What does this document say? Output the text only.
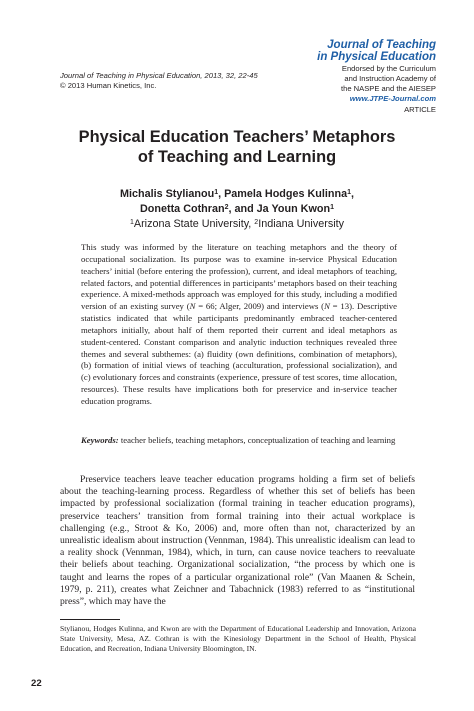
Journal of Teaching
in Physical Education
Endorsed by the Curriculum
and Instruction Academy of
the NASPE and the AIESEP
www.JTPE-Journal.com
ARTICLE
Journal of Teaching in Physical Education, 2013, 32, 22-45
© 2013 Human Kinetics, Inc.
Physical Education Teachers’ Metaphors
of Teaching and Learning
Michalis Stylianou$^1$, Pamela Hodges Kulinna$^1$,
Donetta Cothran$^2$, and Ja Youn Kwon$^1$
$^1$Arizona State University, $^2$Indiana University

This study was informed by the literature on teaching metaphors and the theory of occupational socialization. Its purpose was to examine in-service Physical Education teachers’ initial (before entering the profession), current, and ideal metaphors of teaching, related factors, and potential differences in participants’ metaphors based on their teaching experience. A mixed-methods approach was employed for this study, including a modified version of an existing survey (N = 66; Alger, 2009) and interviews (N = 13). Descriptive statistics indicated that while participants predominantly embraced teacher-centered metaphors initially, about half of them reported their current and ideal metaphors as student-centered. Constant comparison and analytic induction techniques revealed three themes and several subthemes: (a) fluidity (own definitions, combination of metaphors), (b) formation of initial views of teaching (acculturation, professional socialization), and (c) evolutionary forces and constraints (experience, pressure of test scores, time allocation, resources). These results have implications both for preservice and in-service teacher education programs.

Keywords: teacher beliefs, teaching metaphors, conceptualization of teaching and learning

Preservice teachers leave teacher education programs holding a firm set of beliefs about the teaching-learning process. Regardless of whether this set of beliefs has been impacted by professional socialization (formal training in teacher education programs), preservice teachers’ transition from formal training into their actual workplace is challenging (e.g., Stroot & Ko, 2006) and, more often than not, characterized by an unrealistic idealism about instruction (Vennman, 1984). This unrealistic idealism can lead to a reality shock (Vennman, 1984), which, in turn, can cause novice teachers to reevaluate their beliefs about teaching. Organizational socialization, “the process by which one is taught and learns the ropes of a particular organizational role” (Van Maanen & Schein, 1979, p. 211), creates what Zeichner and Tabachnick (1983) referred to as “institutional press”, which may have the

Stylianou, Hodges Kulinna, and Kwon are with the Department of Educational Leadership and Innovation, Arizona State University, Mesa, AZ. Cothran is with the Kinesiology Department in the School of Health, Physical Education, and Recreation, Indiana University Bloomington, IN.
22
